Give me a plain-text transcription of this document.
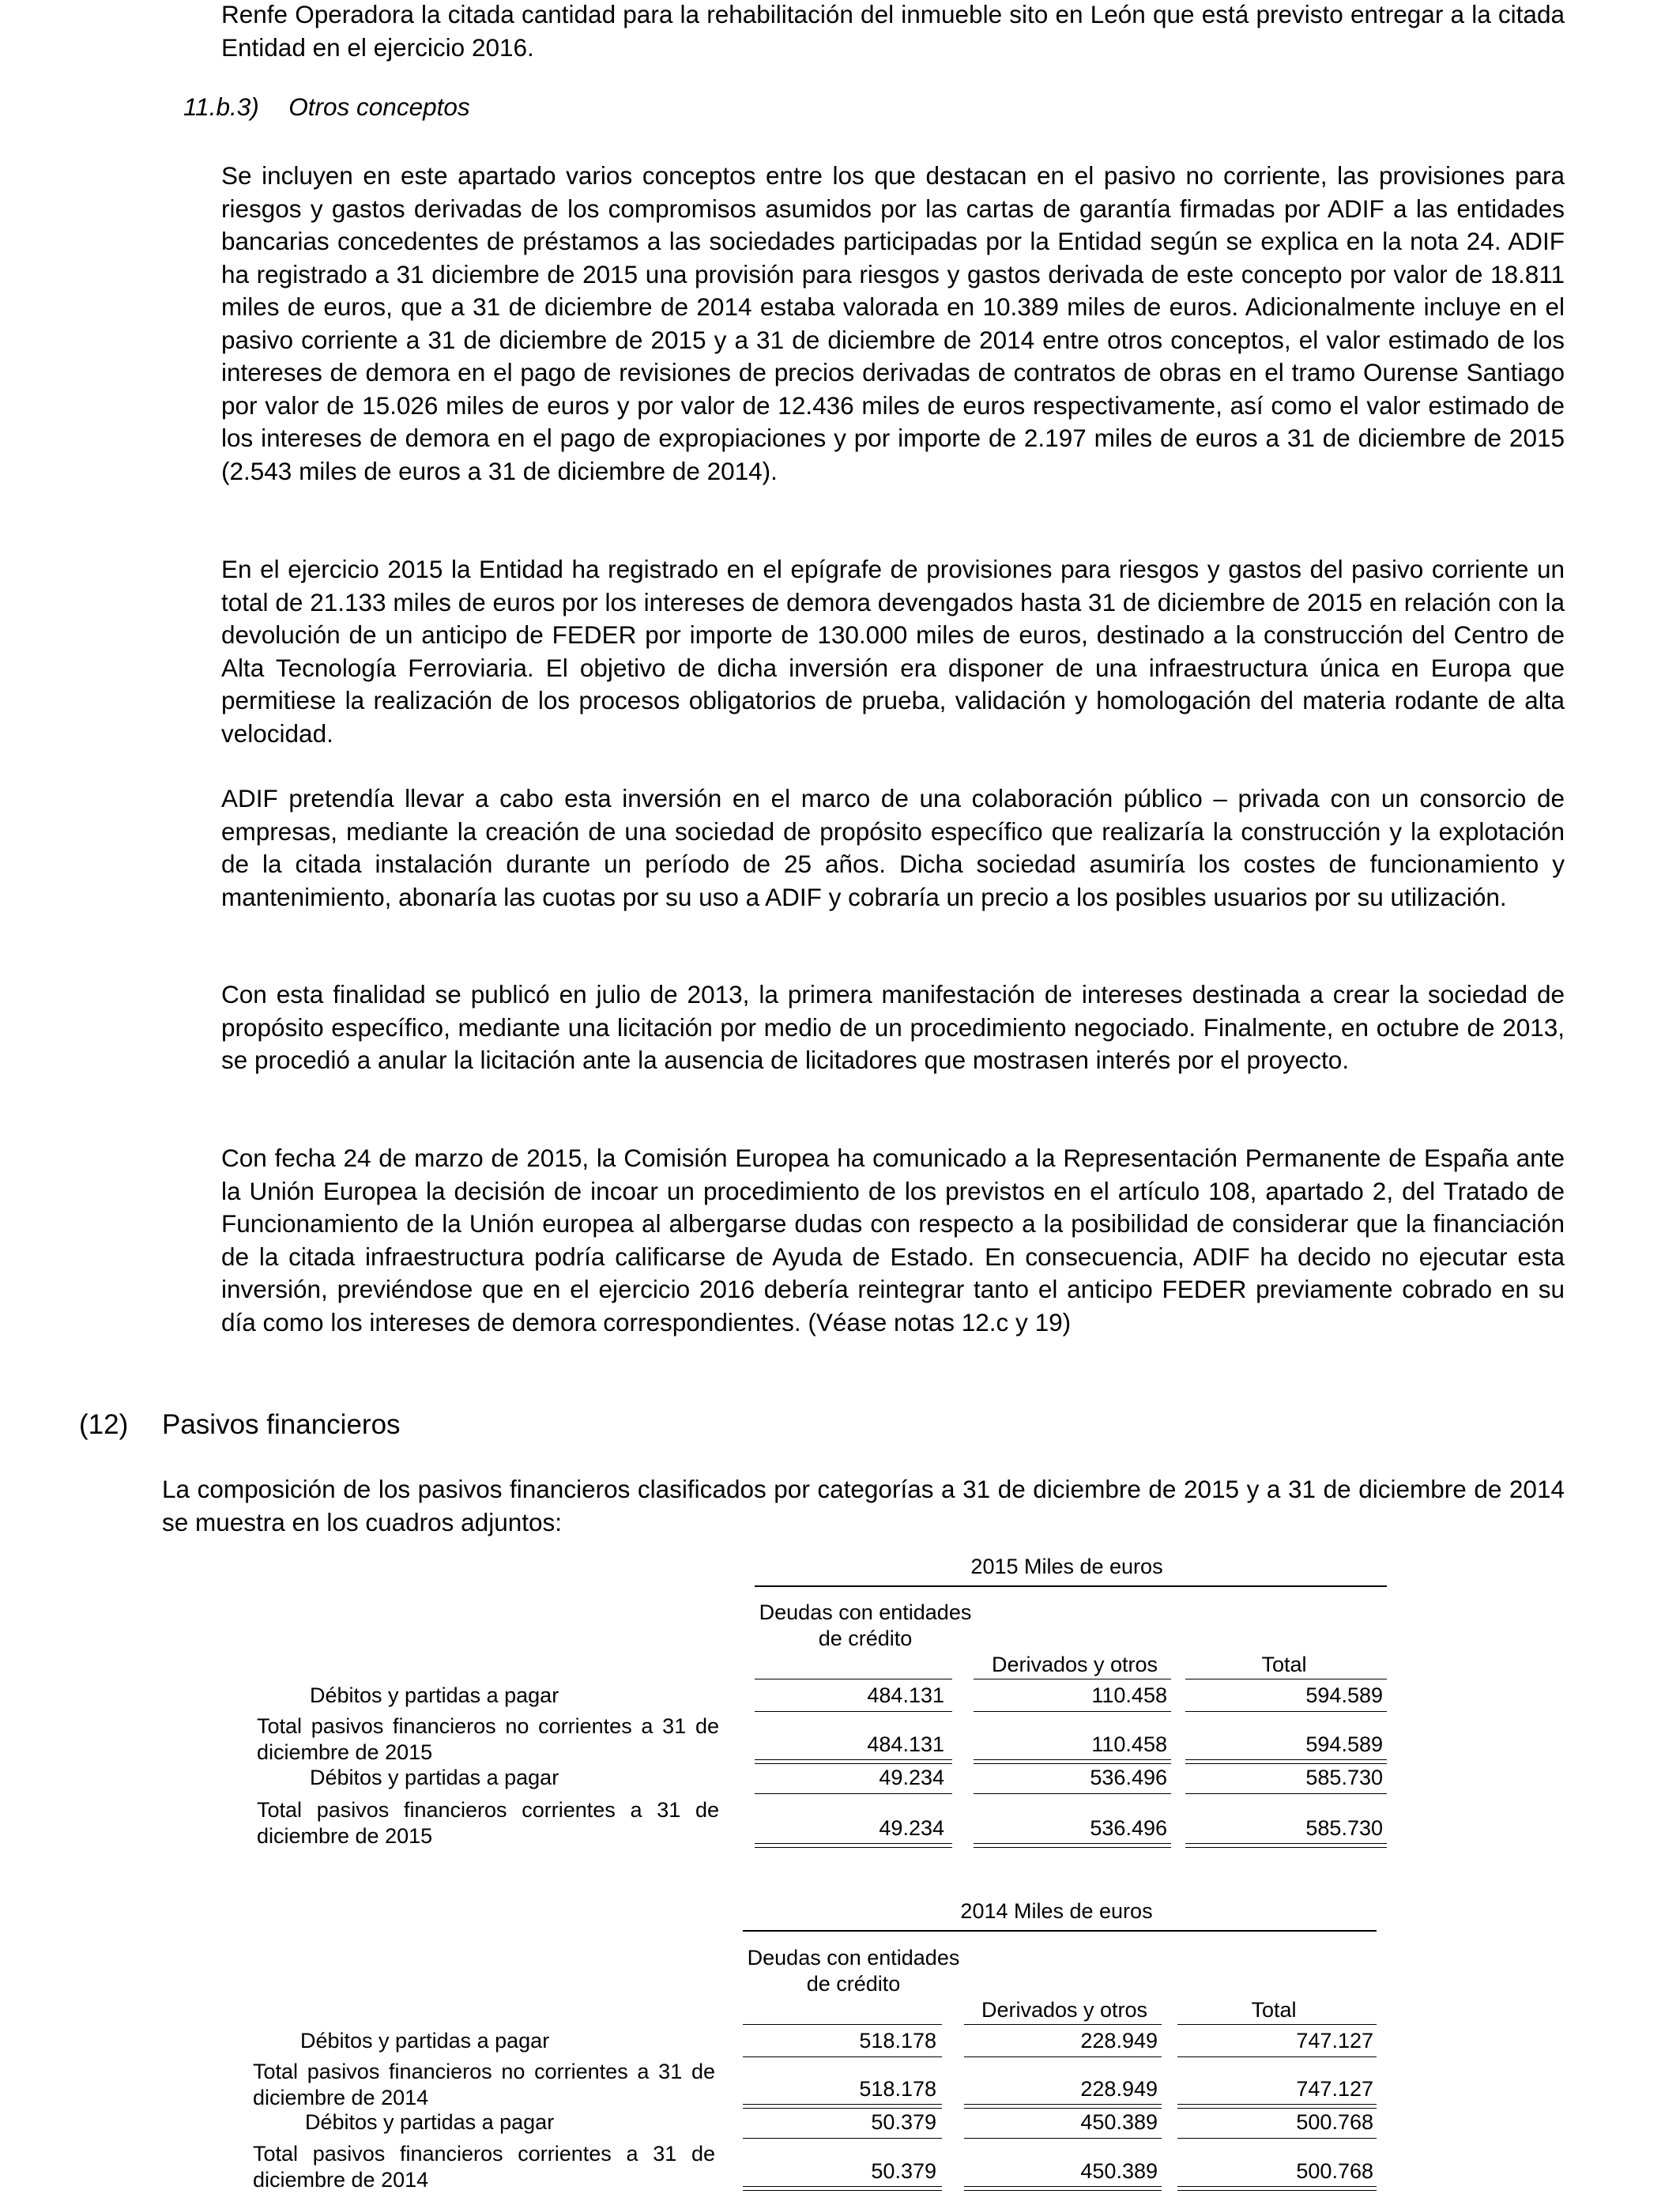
Renfe Operadora la citada cantidad para la rehabilitación del inmueble sito en León que está previsto entregar a la citada Entidad en el ejercicio 2016.
11.b.3) Otros conceptos
Se incluyen en este apartado varios conceptos entre los que destacan en el pasivo no corriente, las provisiones para riesgos y gastos derivadas de los compromisos asumidos por las cartas de garantía firmadas por ADIF a las entidades bancarias concedentes de préstamos a las sociedades participadas por la Entidad según se explica en la nota 24. ADIF ha registrado a 31 diciembre de 2015 una provisión para riesgos y gastos derivada de este concepto por valor de 18.811 miles de euros, que a 31 de diciembre de 2014 estaba valorada en 10.389 miles de euros. Adicionalmente incluye en el pasivo corriente a 31 de diciembre de 2015 y a 31 de diciembre de 2014 entre otros conceptos, el valor estimado de los intereses de demora en el pago de revisiones de precios derivadas de contratos de obras en el tramo Ourense Santiago por valor de 15.026 miles de euros y por valor de 12.436 miles de euros respectivamente, así como el valor estimado de los intereses de demora en el pago de expropiaciones y por importe de 2.197 miles de euros a 31 de diciembre de 2015 (2.543 miles de euros a 31 de diciembre de 2014).
En el ejercicio 2015 la Entidad ha registrado en el epígrafe de provisiones para riesgos y gastos del pasivo corriente un total de 21.133 miles de euros por los intereses de demora devengados hasta 31 de diciembre de 2015 en relación con la devolución de un anticipo de FEDER por importe de 130.000 miles de euros, destinado a la construcción del Centro de Alta Tecnología Ferroviaria. El objetivo de dicha inversión era disponer de una infraestructura única en Europa que permitiese la realización de los procesos obligatorios de prueba, validación y homologación del materia rodante de alta velocidad.
ADIF pretendía llevar a cabo esta inversión en el marco de una colaboración público – privada con un consorcio de empresas, mediante la creación de una sociedad de propósito específico que realizaría la construcción y la explotación de la citada instalación durante un período de 25 años. Dicha sociedad asumiría los costes de funcionamiento y mantenimiento, abonaría las cuotas por su uso a ADIF y cobraría un precio a los posibles usuarios por su utilización.
Con esta finalidad se publicó en julio de 2013, la primera manifestación de intereses destinada a crear la sociedad de propósito específico, mediante una licitación por medio de un procedimiento negociado. Finalmente, en octubre de 2013, se procedió a anular la licitación ante la ausencia de licitadores que mostrasen interés por el proyecto.
Con fecha 24 de marzo de 2015, la Comisión Europea ha comunicado a la Representación Permanente de España ante la Unión Europea la decisión de incoar un procedimiento de los previstos en el artículo 108, apartado 2, del Tratado de Funcionamiento de la Unión europea al albergarse dudas con respecto a la posibilidad de considerar que la financiación de la citada infraestructura podría calificarse de Ayuda de Estado. En consecuencia, ADIF ha decido no ejecutar esta inversión, previéndose que en el ejercicio 2016 debería reintegrar tanto el anticipo FEDER previamente cobrado en su día como los intereses de demora correspondientes. (Véase notas 12.c y 19)
(12) Pasivos financieros
La composición de los pasivos financieros clasificados por categorías a 31 de diciembre de 2015 y a 31 de diciembre de 2014 se muestra en los cuadros adjuntos:
2015 Miles de euros
Deudas con entidades de crédito
Derivados y otros	Total
Débitos y partidas a pagar	484.131	110.458	594.589
Total pasivos financieros no corrientes a 31 de diciembre de 2015	484.131	110.458	594.589
Débitos y partidas a pagar	49.234	536.496	585.730
Total pasivos financieros corrientes a 31 de diciembre de 2015	49.234	536.496	585.730
2014 Miles de euros
Deudas con entidades de crédito
Derivados y otros	Total
Débitos y partidas a pagar	518.178	228.949	747.127
Total pasivos financieros no corrientes a 31 de diciembre de 2014	518.178	228.949	747.127
Débitos y partidas a pagar	50.379	450.389	500.768
Total pasivos financieros corrientes a 31 de diciembre de 2014	50.379	450.389	500.768
